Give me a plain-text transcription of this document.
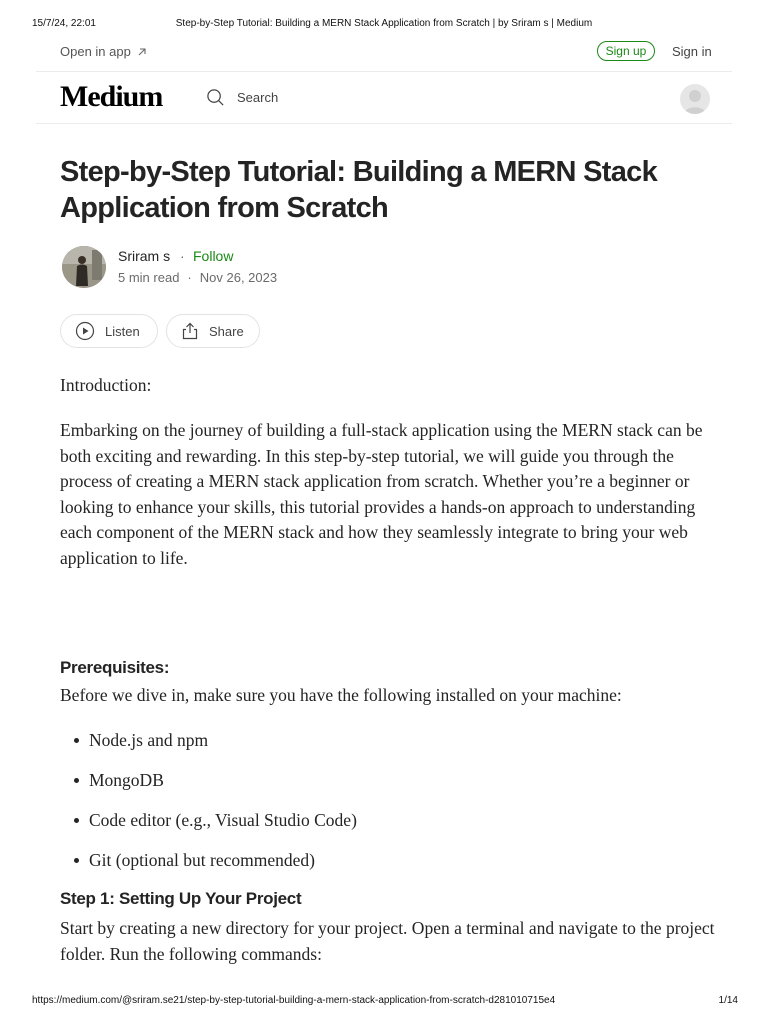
15/7/24, 22:01	Step-by-Step Tutorial: Building a MERN Stack Application from Scratch | by Sriram s | Medium
Open in app	Sign up	Sign in
Medium	Search
Step-by-Step Tutorial: Building a MERN Stack Application from Scratch
Sriram s · Follow
5 min read · Nov 26, 2023
Listen	Share

Introduction:

Embarking on the journey of building a full-stack application using the MERN stack can be both exciting and rewarding. In this step-by-step tutorial, we will guide you through the process of creating a MERN stack application from scratch. Whether you’re a beginner or looking to enhance your skills, this tutorial provides a hands-on approach to understanding each component of the MERN stack and how they seamlessly integrate to bring your web application to life.

Prerequisites:

Before we dive in, make sure you have the following installed on your machine:

Node.js and npm
MongoDB
Code editor (e.g., Visual Studio Code)
Git (optional but recommended)
Step 1: Setting Up Your Project

Start by creating a new directory for your project. Open a terminal and navigate to the project folder. Run the following commands:

https://medium.com/@sriram.se21/step-by-step-tutorial-building-a-mern-stack-application-from-scratch-d281010715e4	1/14
